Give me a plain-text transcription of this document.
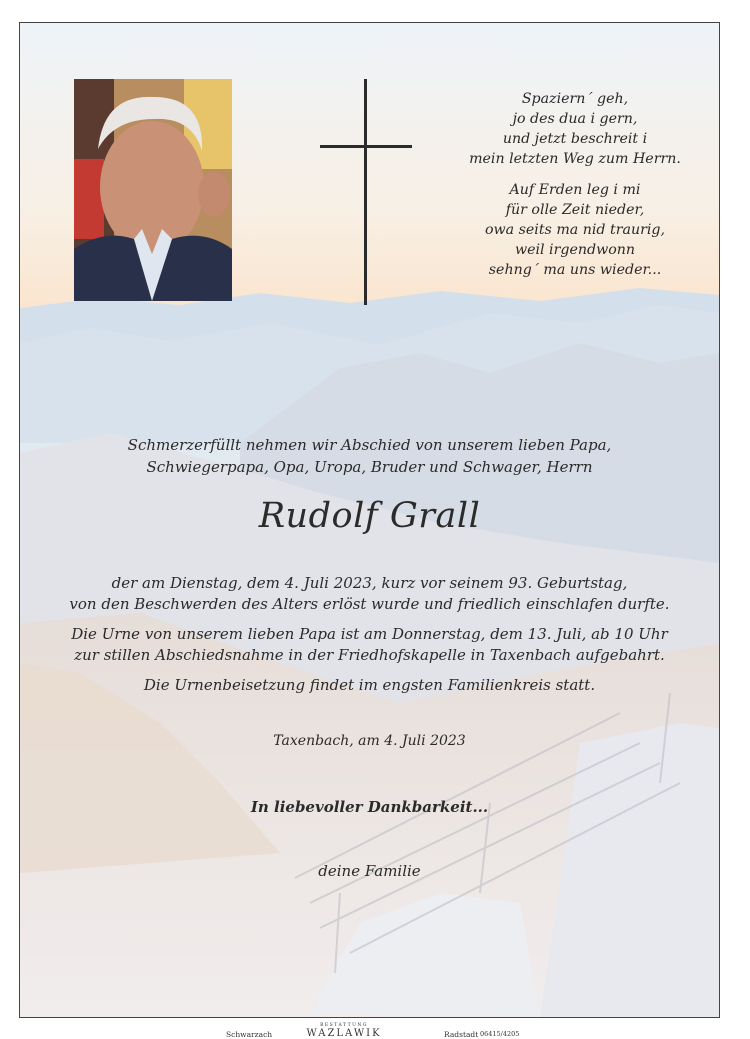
Spaziern´ geh,
jo des dua i gern,
und jetzt beschreit i
mein letzten Weg zum Herrn.

Auf Erden leg i mi
für olle Zeit nieder,
owa seits ma nid traurig,
weil irgendwonn
sehng´ ma uns wieder...

Schmerzerfüllt nehmen wir Abschied von unserem lieben Papa,
Schwiegerpapa, Opa, Uropa, Bruder und Schwager, Herrn
Rudolf Grall

der am Dienstag, dem 4. Juli 2023, kurz vor seinem 93. Geburtstag,
von den Beschwerden des Alters erlöst wurde und friedlich einschlafen durfte.

Die Urne von unserem lieben Papa ist am Donnerstag, dem 13. Juli, ab 10 Uhr
zur stillen Abschiedsnahme in der Friedhofskapelle in Taxenbach aufgebahrt.

Die Urnenbeisetzung findet im engsten Familienkreis statt.

Taxenbach, am 4. Juli 2023
In liebevoller Dankbarkeit...
deine Familie
Schwarzach
BESTATTUNG
WAZLAWIK	Radstadt 06415/4205
